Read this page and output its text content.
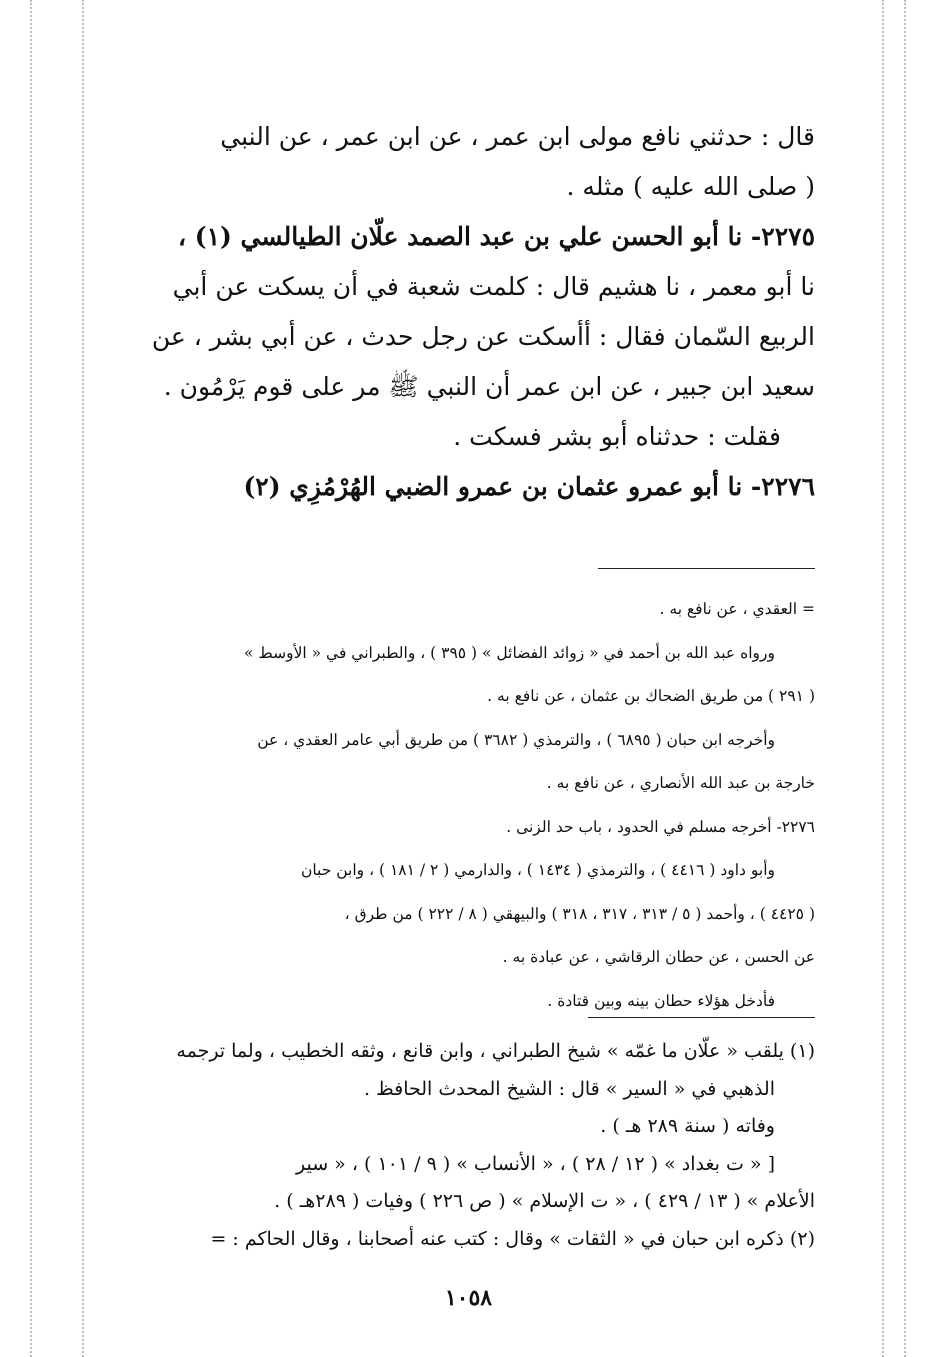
قال : حدثني نافع مولى ابن عمر ، عن ابن عمر ، عن النبي
( صلى الله عليه ) مثله .
٢٢٧٥- نا أبو الحسن علي بن عبد الصمد علّان الطيالسي (١) ،
نا أبو معمر ، نا هشيم قال : كلمت شعبة في أن يسكت عن أبي
الربيع السّمان فقال : أأسكت عن رجل حدث ، عن أبي بشر ، عن
سعيد ابن جبير ، عن ابن عمر أن النبي ﷺ مر على قوم يَرْمُون .
فقلت : حدثناه أبو بشر فسكت .
٢٢٧٦- نا أبو عمرو عثمان بن عمرو الضبي الهُرْمُزِي (٢)
= العقدي ، عن نافع به .
ورواه عبد الله بن أحمد في « زوائد الفضائل » ( ٣٩٥ ) ، والطبراني في « الأوسط »
( ٢٩١ ) من طريق الضحاك بن عثمان ، عن نافع به .
وأخرجه ابن حبان ( ٦٨٩٥ ) ، والترمذي ( ٣٦٨٢ ) من طريق أبي عامر العقدي ، عن
خارجة بن عبد الله الأنصاري ، عن نافع به .
٢٢٧٦- أخرجه مسلم في الحدود ، باب حد الزنى .
وأبو داود ( ٤٤١٦ ) ، والترمذي ( ١٤٣٤ ) ، والدارمي ( ٢ / ١٨١ ) ، وابن حبان
( ٤٤٢٥ ) ، وأحمد ( ٥ / ٣١٣ ، ٣١٧ ، ٣١٨ ) والبيهقي ( ٨ / ٢٢٢ ) من طرق ،
عن الحسن ، عن حطان الرقاشي ، عن عبادة به .
فأدخل هؤلاء حطان بينه وبين قتادة .
(١) يلقب « علّان ما غمّه » شيخ الطبراني ، وابن قانع ، وثقه الخطيب ، ولما ترجمه
الذهبي في « السير » قال : الشيخ المحدث الحافظ .
وفاته ( سنة ٢٨٩ هـ ) .
[ « ت بغداد » ( ١٢ / ٢٨ ) ، « الأنساب » ( ٩ / ١٠١ ) ، « سير
الأعلام » ( ١٣ / ٤٢٩ ) ، « ت الإسلام » ( ص ٢٢٦ ) وفيات ( ٢٨٩هـ ) .
(٢) ذكره ابن حبان في « الثقات » وقال : كتب عنه أصحابنا ، وقال الحاكم : =
١٠٥٨
